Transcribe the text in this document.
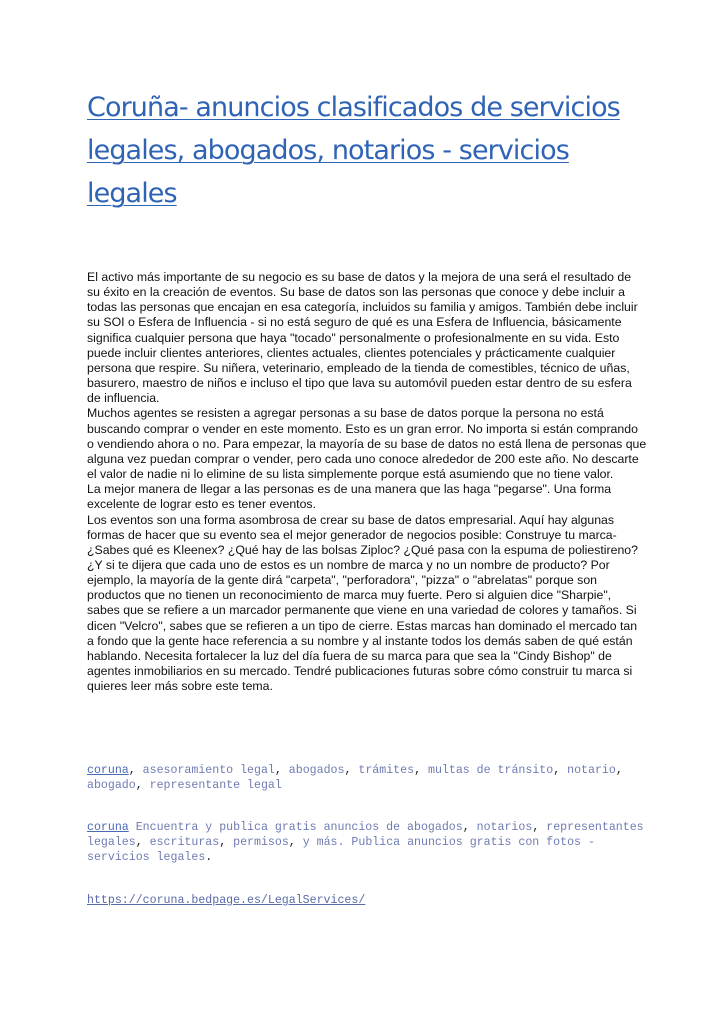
Coruña- anuncios clasificados de servicios legales, abogados, notarios - servicios legales

El activo más importante de su negocio es su base de datos y la mejora de una será el resultado de su éxito en la creación de eventos. Su base de datos son las personas que conoce y debe incluir a todas las personas que encajan en esa categoría, incluidos su familia y amigos. También debe incluir su SOI o Esfera de Influencia - si no está seguro de qué es una Esfera de Influencia, básicamente significa cualquier persona que haya "tocado" personalmente o profesionalmente en su vida. Esto puede incluir clientes anteriores, clientes actuales, clientes potenciales y prácticamente cualquier persona que respire. Su niñera, veterinario, empleado de la tienda de comestibles, técnico de uñas, basurero, maestro de niños e incluso el tipo que lava su automóvil pueden estar dentro de su esfera de influencia.

Muchos agentes se resisten a agregar personas a su base de datos porque la persona no está buscando comprar o vender en este momento. Esto es un gran error. No importa si están comprando o vendiendo ahora o no. Para empezar, la mayoría de su base de datos no está llena de personas que alguna vez puedan comprar o vender, pero cada uno conoce alrededor de 200 este año. No descarte el valor de nadie ni lo elimine de su lista simplemente porque está asumiendo que no tiene valor.

La mejor manera de llegar a las personas es de una manera que las haga "pegarse". Una forma excelente de lograr esto es tener eventos.

Los eventos son una forma asombrosa de crear su base de datos empresarial. Aquí hay algunas formas de hacer que su evento sea el mejor generador de negocios posible: Construye tu marca- ¿Sabes qué es Kleenex? ¿Qué hay de las bolsas Ziploc? ¿Qué pasa con la espuma de poliestireno? ¿Y si te dijera que cada uno de estos es un nombre de marca y no un nombre de producto? Por ejemplo, la mayoría de la gente dirá "carpeta", "perforadora", "pizza" o "abrelatas" porque son productos que no tienen un reconocimiento de marca muy fuerte. Pero si alguien dice "Sharpie", sabes que se refiere a un marcador permanente que viene en una variedad de colores y tamaños. Si dicen "Velcro", sabes que se refieren a un tipo de cierre. Estas marcas han dominado el mercado tan a fondo que la gente hace referencia a su nombre y al instante todos los demás saben de qué están hablando. Necesita fortalecer la luz del día fuera de su marca para que sea la "Cindy Bishop" de agentes inmobiliarios en su mercado. Tendré publicaciones futuras sobre cómo construir tu marca si quieres leer más sobre este tema.

coruna, asesoramiento legal, abogados, trámites, multas de tránsito, notario, abogado, representante legal
coruna Encuentra y publica gratis anuncios de abogados, notarios, representantes legales, escrituras, permisos, y más. Publica anuncios gratis con fotos - servicios legales.
https://coruna.bedpage.es/LegalServices/
